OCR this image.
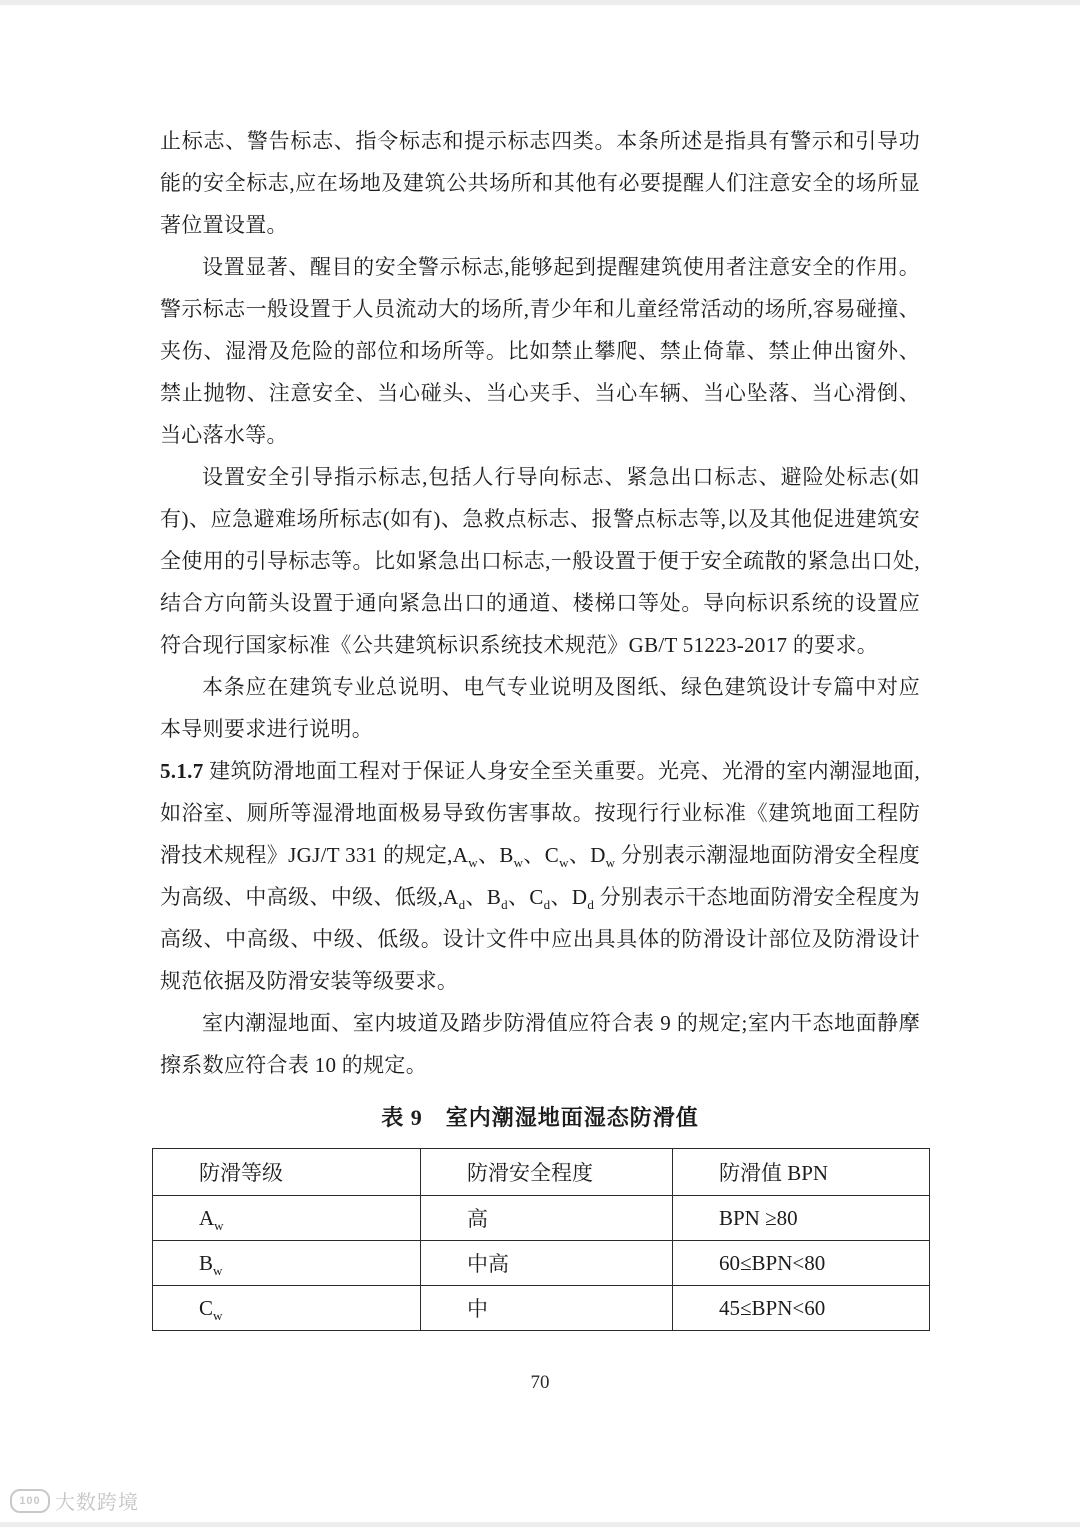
止标志、警告标志、指令标志和提示标志四类。本条所述是指具有警示和引导功能的安全标志,应在场地及建筑公共场所和其他有必要提醒人们注意安全的场所显著位置设置。

设置显著、醒目的安全警示标志,能够起到提醒建筑使用者注意安全的作用。警示标志一般设置于人员流动大的场所,青少年和儿童经常活动的场所,容易碰撞、夹伤、湿滑及危险的部位和场所等。比如禁止攀爬、禁止倚靠、禁止伸出窗外、禁止抛物、注意安全、当心碰头、当心夹手、当心车辆、当心坠落、当心滑倒、当心落水等。

设置安全引导指示标志,包括人行导向标志、紧急出口标志、避险处标志(如有)、应急避难场所标志(如有)、急救点标志、报警点标志等,以及其他促进建筑安全使用的引导标志等。比如紧急出口标志,一般设置于便于安全疏散的紧急出口处,结合方向箭头设置于通向紧急出口的通道、楼梯口等处。导向标识系统的设置应符合现行国家标准《公共建筑标识系统技术规范》GB/T 51223-2017 的要求。

本条应在建筑专业总说明、电气专业说明及图纸、绿色建筑设计专篇中对应本导则要求进行说明。

5.1.7 建筑防滑地面工程对于保证人身安全至关重要。光亮、光滑的室内潮湿地面,如浴室、厕所等湿滑地面极易导致伤害事故。按现行行业标准《建筑地面工程防滑技术规程》JGJ/T 331 的规定$,A_w$、$B_w$、$C_w$、$D_w$ 分别表示潮湿地面防滑安全程度为高级、中高级、中级、低级$,A_d$、$B_d$、$C_d$、$D_d$ 分别表示干态地面防滑安全程度为高级、中高级、中级、低级。设计文件中应出具具体的防滑设计部位及防滑设计规范依据及防滑安装等级要求。

室内潮湿地面、室内坡道及踏步防滑值应符合表 9 的规定;室内干态地面静摩擦系数应符合表 10 的规定。

表 9　室内潮湿地面湿态防滑值
防滑等级	防滑安全程度	防滑值 BPN
$A_w$	高	BPN ≥80
$B_w$	中高	60≤BPN<80
$C_w$	中	45≤BPN<60
70
100 大数跨境
